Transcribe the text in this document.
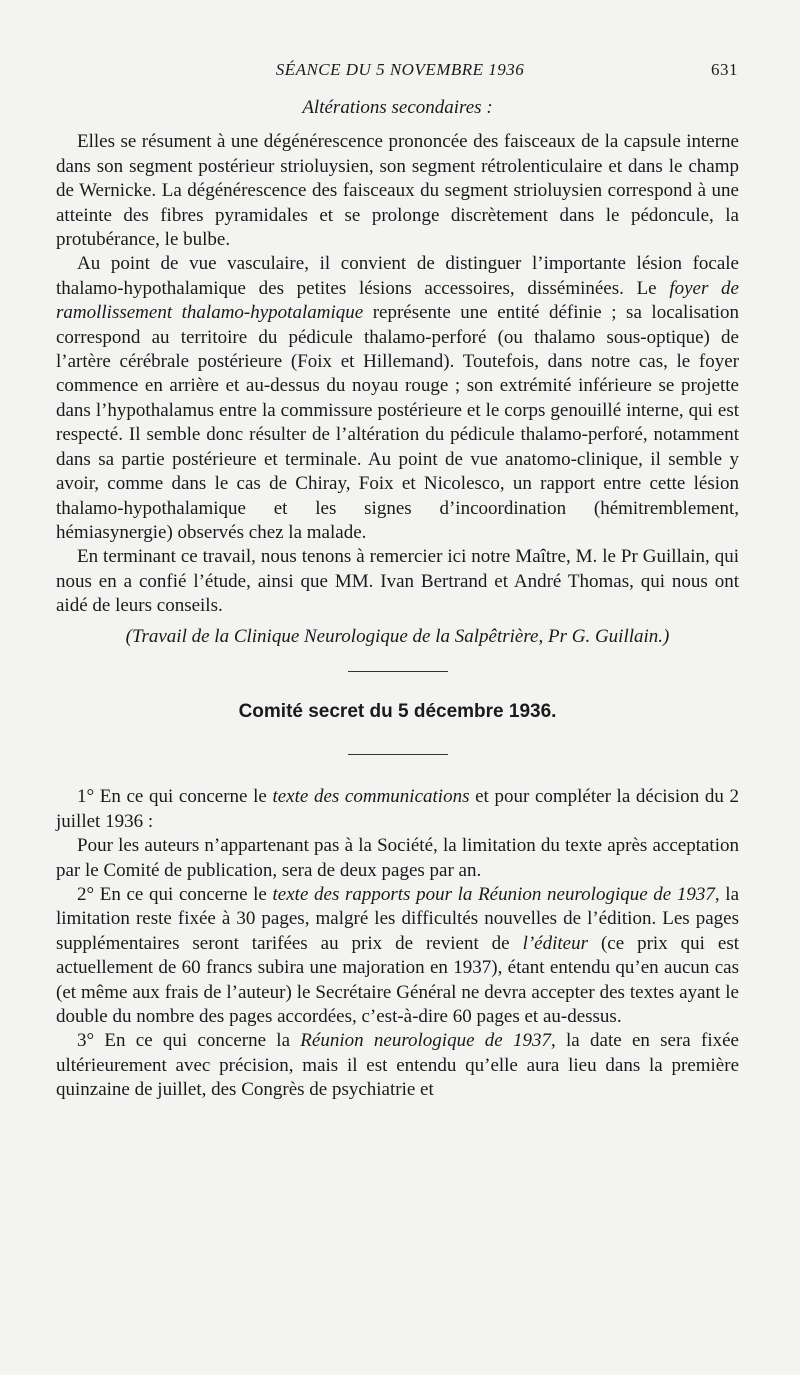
SÉANCE DU 5 NOVEMBRE 1936	631
Altérations secondaires :

Elles se résument à une dégénérescence prononcée des faisceaux de la capsule interne dans son segment postérieur strioluysien, son segment rétrolenticulaire et dans le champ de Wernicke. La dégénérescence des faisceaux du segment strioluysien correspond à une atteinte des fibres pyramidales et se prolonge discrètement dans le pédoncule, la protubérance, le bulbe.

Au point de vue vasculaire, il convient de distinguer l’importante lésion focale thalamo-hypothalamique des petites lésions accessoires, disséminées. Le foyer de ramollissement thalamo-hypotalamique représente une entité définie ; sa localisation correspond au territoire du pédicule thalamo-perforé (ou thalamo sous-optique) de l’artère cérébrale postérieure (Foix et Hillemand). Toutefois, dans notre cas, le foyer commence en arrière et au-dessus du noyau rouge ; son extrémité inférieure se projette dans l’hypothalamus entre la commissure postérieure et le corps genouillé interne, qui est respecté. Il semble donc résulter de l’altération du pédicule thalamo-perforé, notamment dans sa partie postérieure et terminale. Au point de vue anatomo-clinique, il semble y avoir, comme dans le cas de Chiray, Foix et Nicolesco, un rapport entre cette lésion thalamo-hypothalamique et les signes d’incoordination (hémitremblement, hémiasynergie) observés chez la malade.

En terminant ce travail, nous tenons à remercier ici notre Maître, M. le Pr Guillain, qui nous en a confié l’étude, ainsi que MM. Ivan Bertrand et André Thomas, qui nous ont aidé de leurs conseils.

(Travail de la Clinique Neurologique de la Salpêtrière, Pr G. Guillain.)

Comité secret du 5 décembre 1936.

1° En ce qui concerne le texte des communications et pour compléter la décision du 2 juillet 1936 :

Pour les auteurs n’appartenant pas à la Société, la limitation du texte après acceptation par le Comité de publication, sera de deux pages par an.

2° En ce qui concerne le texte des rapports pour la Réunion neurologique de 1937, la limitation reste fixée à 30 pages, malgré les difficultés nouvelles de l’édition. Les pages supplémentaires seront tarifées au prix de revient de l’éditeur (ce prix qui est actuellement de 60 francs subira une majoration en 1937), étant entendu qu’en aucun cas (et même aux frais de l’auteur) le Secrétaire Général ne devra accepter des textes ayant le double du nombre des pages accordées, c’est-à-dire 60 pages et au-dessus.

3° En ce qui concerne la Réunion neurologique de 1937, la date en sera fixée ultérieurement avec précision, mais il est entendu qu’elle aura lieu dans la première quinzaine de juillet, des Congrès de psychiatrie et
